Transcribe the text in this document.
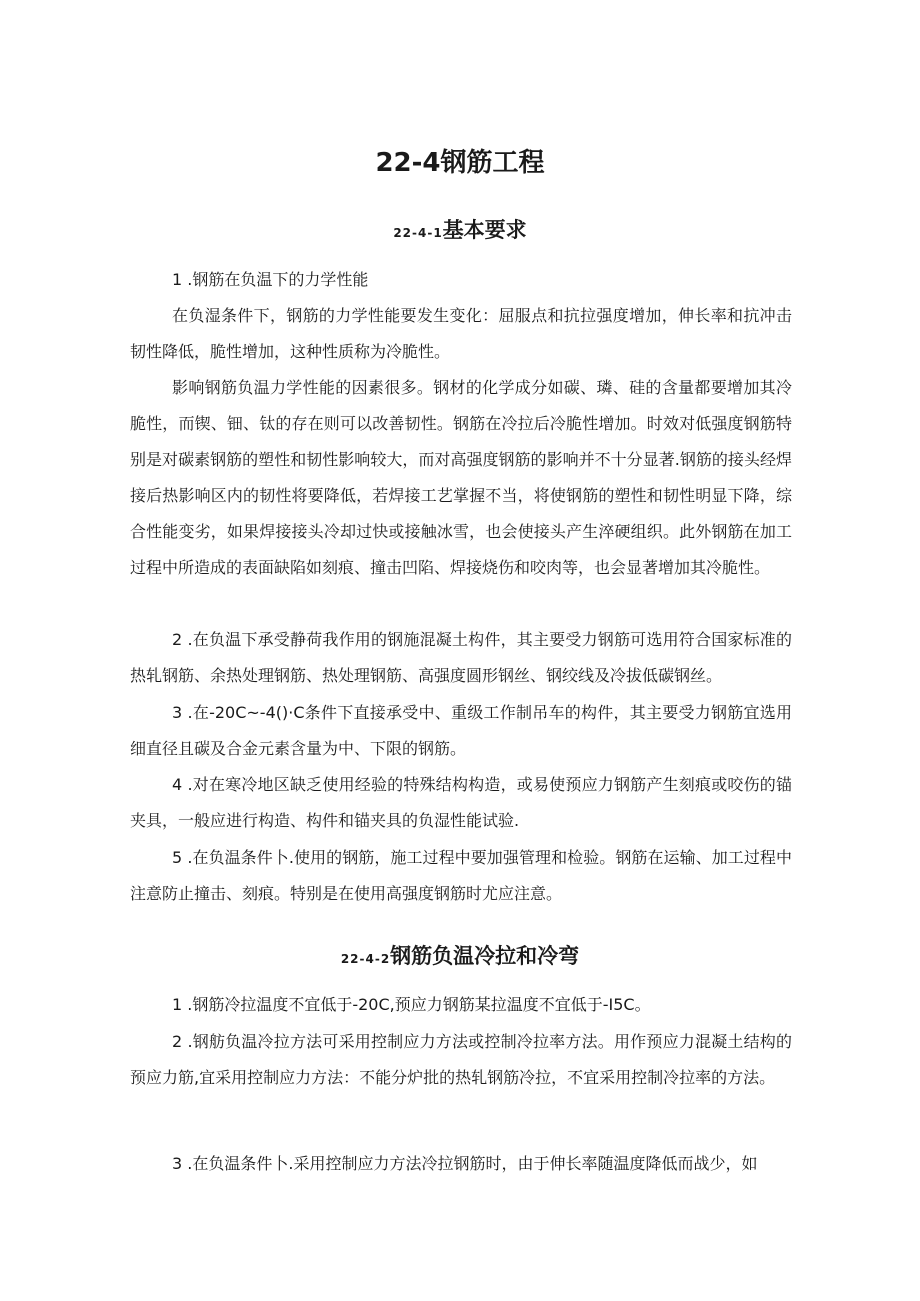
22-4钢筋工程
22-4-1基本要求

1 .钢筋在负温下的力学性能

在负湿条件下，钢筋的力学性能要发生变化：屈服点和抗拉强度增加，伸长率和抗冲击韧性降低，脆性增加，这种性质称为冷脆性。

影响钢筋负温力学性能的因素很多。钢材的化学成分如碳、璘、硅的含量都要增加其冷脆性，而锲、钿、钛的存在则可以改善韧性。钢筋在冷拉后冷脆性增加。时效对低强度钢筋特别是对碳素钢筋的塑性和韧性影响较大，而对高强度钢筋的影响并不十分显著.钢筋的接头经焊接后热影响区内的韧性将要降低，若焊接工艺掌握不当，将使钢筋的塑性和韧性明显下降，综合性能变劣，如果焊接接头冷却过快或接触冰雪，也会使接头产生淬硬组织。此外钢筋在加工过程中所造成的表面缺陷如刻痕、撞击凹陷、焊接烧伤和咬肉等，也会显著增加其冷脆性。

2 .在负温下承受静荷我作用的钢施混凝土构件，其主要受力钢筋可选用符合国家标准的热轧钢筋、余热处理钢筋、热处理钢筋、高强度圆形钢丝、钢绞线及冷拔低碳钢丝。

3 .在-20C~-4()·C条件下直接承受中、重级工作制吊车的构件，其主要受力钢筋宜选用细直径且碳及合金元素含量为中、下限的钢筋。

4 .对在寒冷地区缺乏使用经验的特殊结构构造，或易使预应力钢筋产生刻痕或咬伤的锚夹具，一般应进行构造、构件和锚夹具的负湿性能试验.

5 .在负温条件卜.使用的钢筋，施工过程中要加强管理和检验。钢筋在运输、加工过程中注意防止撞击、刻痕。特别是在使用高强度钢筋时尤应注意。

22-4-2钢筋负温冷拉和冷弯

1 .钢筋冷拉温度不宜低于-20C,预应力钢筋某拉温度不宜低于-I5C。

2 .钢舫负温冷拉方法可采用控制应力方法或控制冷拉率方法。用作预应力混凝土结构的预应力筋,宜采用控制应力方法：不能分炉批的热轧钢筋冷拉，不宜采用控制冷拉率的方法。

3 .在负温条件卜.采用控制应力方法冷拉钢筋时，由于伸长率随温度降低而战少，如
